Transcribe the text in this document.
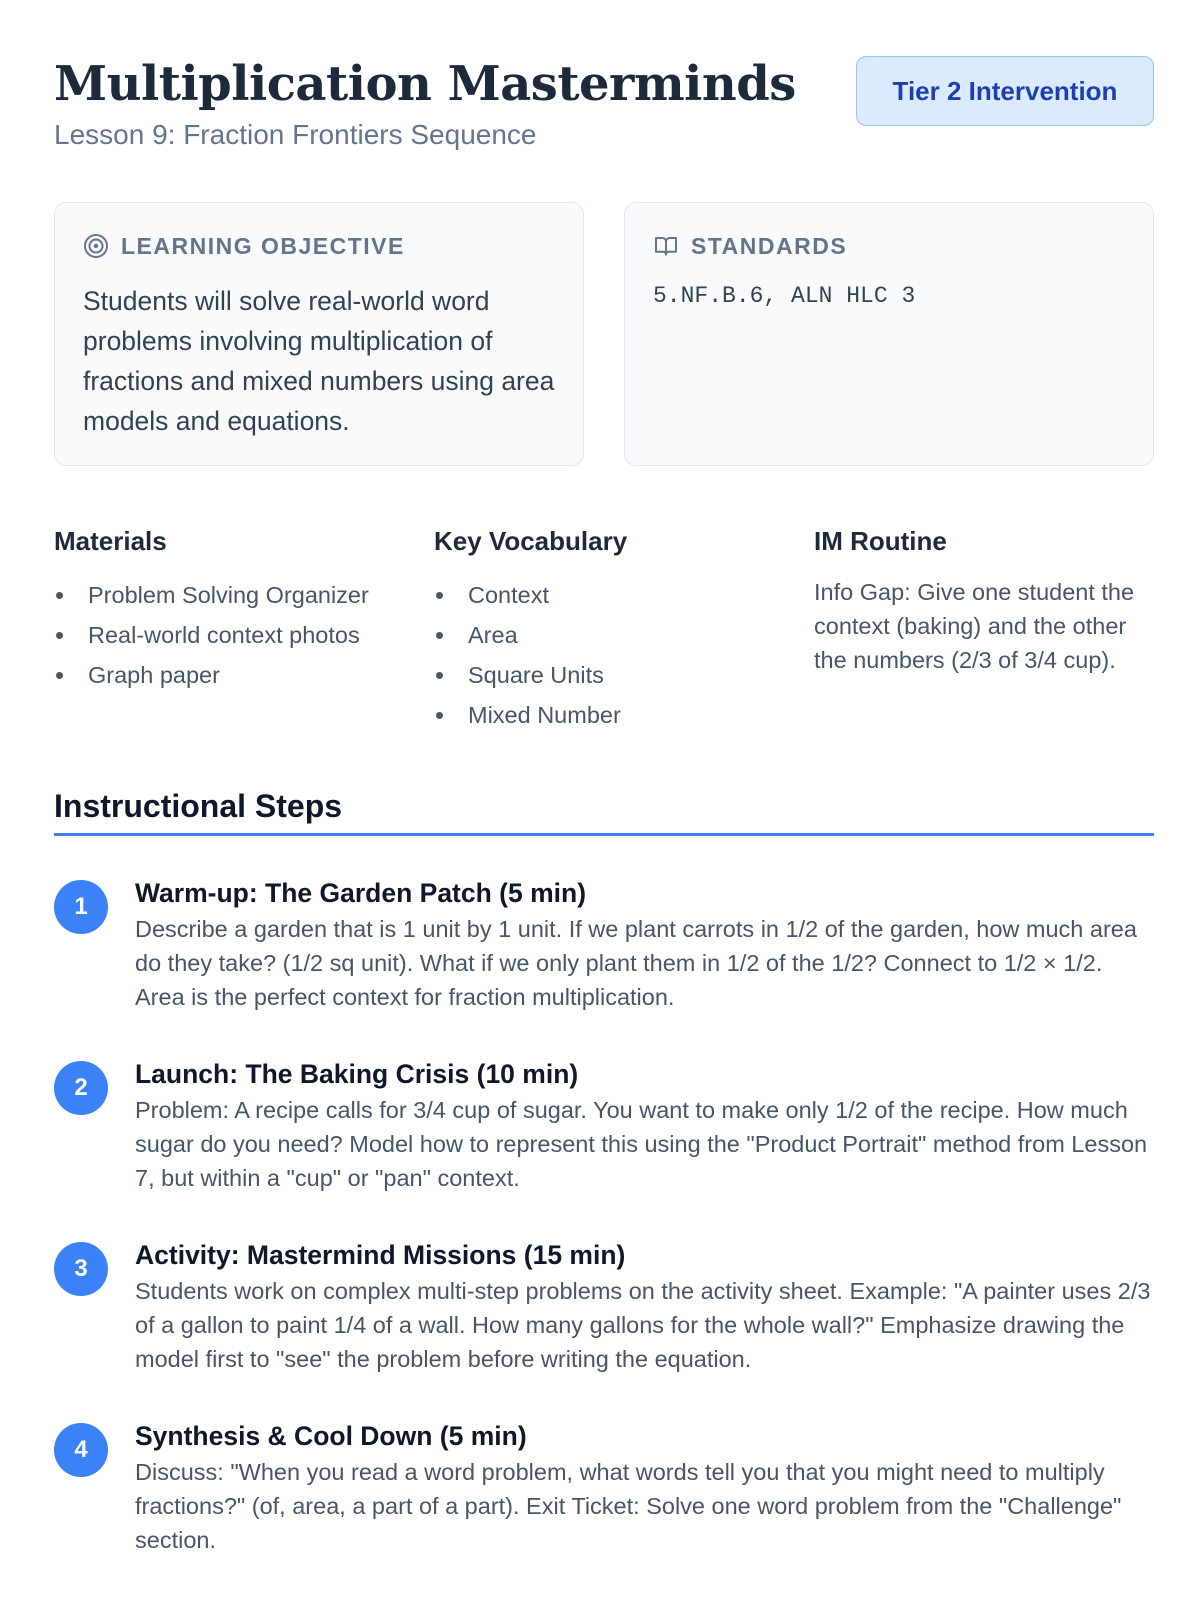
Multiplication Masterminds
Lesson 9: Fraction Frontiers Sequence
Tier 2 Intervention
LEARNING OBJECTIVE

Students will solve real-world word problems involving multiplication of fractions and mixed numbers using area models and equations.

STANDARDS

5.NF.B.6, ALN HLC 3

Materials
Problem Solving Organizer
Real-world context photos
Graph paper
Key Vocabulary
Context
Area
Square Units
Mixed Number
IM Routine

Info Gap: Give one student the context (baking) and the other the numbers (2/3 of 3/4 cup).

Instructional Steps
1	Warm-up: The Garden Patch (5 min)

Describe a garden that is 1 unit by 1 unit. If we plant carrots in 1/2 of the garden, how much area do they take? (1/2 sq unit). What if we only plant them in 1/2 of the 1/2? Connect to 1/2 × 1/2. Area is the perfect context for fraction multiplication.

2	Launch: The Baking Crisis (10 min)

Problem: A recipe calls for 3/4 cup of sugar. You want to make only 1/2 of the recipe. How much sugar do you need? Model how to represent this using the "Product Portrait" method from Lesson 7, but within a "cup" or "pan" context.

3	Activity: Mastermind Missions (15 min)

Students work on complex multi-step problems on the activity sheet. Example: "A painter uses 2/3 of a gallon to paint 1/4 of a wall. How many gallons for the whole wall?" Emphasize drawing the model first to "see" the problem before writing the equation.

4	Synthesis & Cool Down (5 min)

Discuss: "When you read a word problem, what words tell you that you might need to multiply fractions?" (of, area, a part of a part). Exit Ticket: Solve one word problem from the "Challenge" section.
